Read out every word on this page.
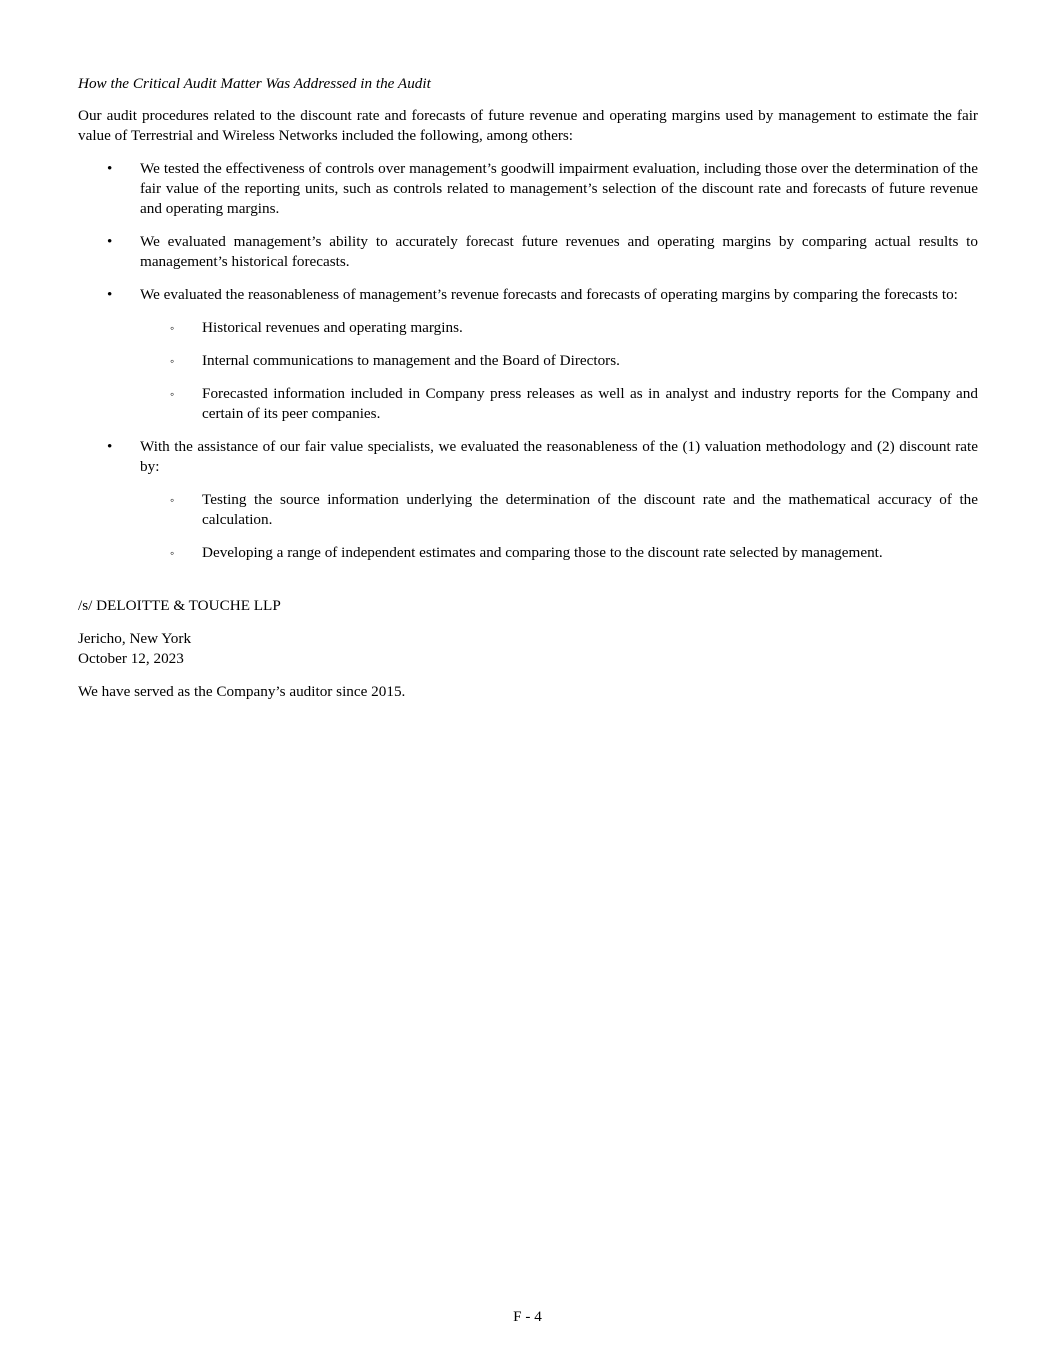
How the Critical Audit Matter Was Addressed in the Audit

Our audit procedures related to the discount rate and forecasts of future revenue and operating margins used by management to estimate the fair value of Terrestrial and Wireless Networks included the following, among others:

• We tested the effectiveness of controls over management’s goodwill impairment evaluation, including those over the determination of the fair value of the reporting units, such as controls related to management’s selection of the discount rate and forecasts of future revenue and operating margins.

• We evaluated management’s ability to accurately forecast future revenues and operating margins by comparing actual results to management’s historical forecasts.

• We evaluated the reasonableness of management’s revenue forecasts and forecasts of operating margins by comparing the forecasts to:

◦ Historical revenues and operating margins.

◦ Internal communications to management and the Board of Directors.

◦ Forecasted information included in Company press releases as well as in analyst and industry reports for the Company and certain of its peer companies.

• With the assistance of our fair value specialists, we evaluated the reasonableness of the (1) valuation methodology and (2) discount rate by:

◦ Testing the source information underlying the determination of the discount rate and the mathematical accuracy of the calculation.

◦ Developing a range of independent estimates and comparing those to the discount rate selected by management.

/s/ DELOITTE & TOUCHE LLP

Jericho, New York

October 12, 2023

We have served as the Company’s auditor since 2015.

F - 4
